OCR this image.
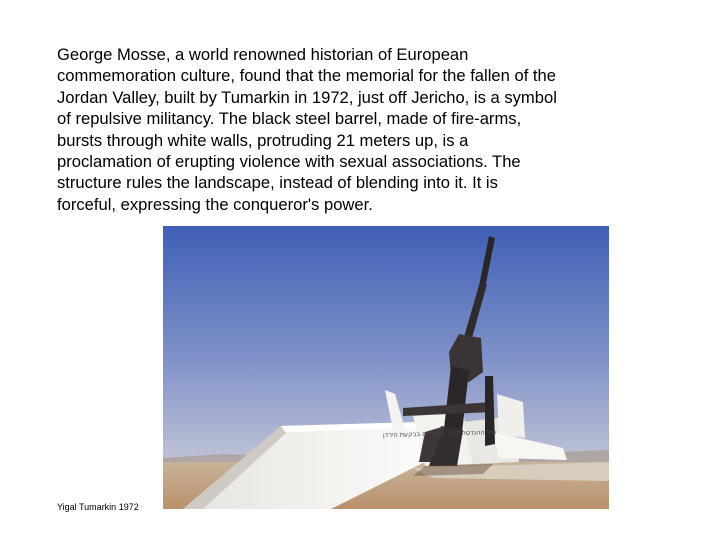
George Mosse, a world renowned historian of European
commemoration culture, found that the memorial for the fallen of the
Jordan Valley, built by Tumarkin in 1972, just off Jericho, is a symbol
of repulsive militancy. The black steel barrel, made of fire-arms,
bursts through white walls, protruding 21 meters up, is a
proclamation of erupting violence with sexual associations. The
structure rules the landscape, instead of blending into it. It is
forceful, expressing the conqueror's power.

חיל ההנדסה לזכר הנופלים בבקעת הירדן
Yigal Tumarkin 1972
